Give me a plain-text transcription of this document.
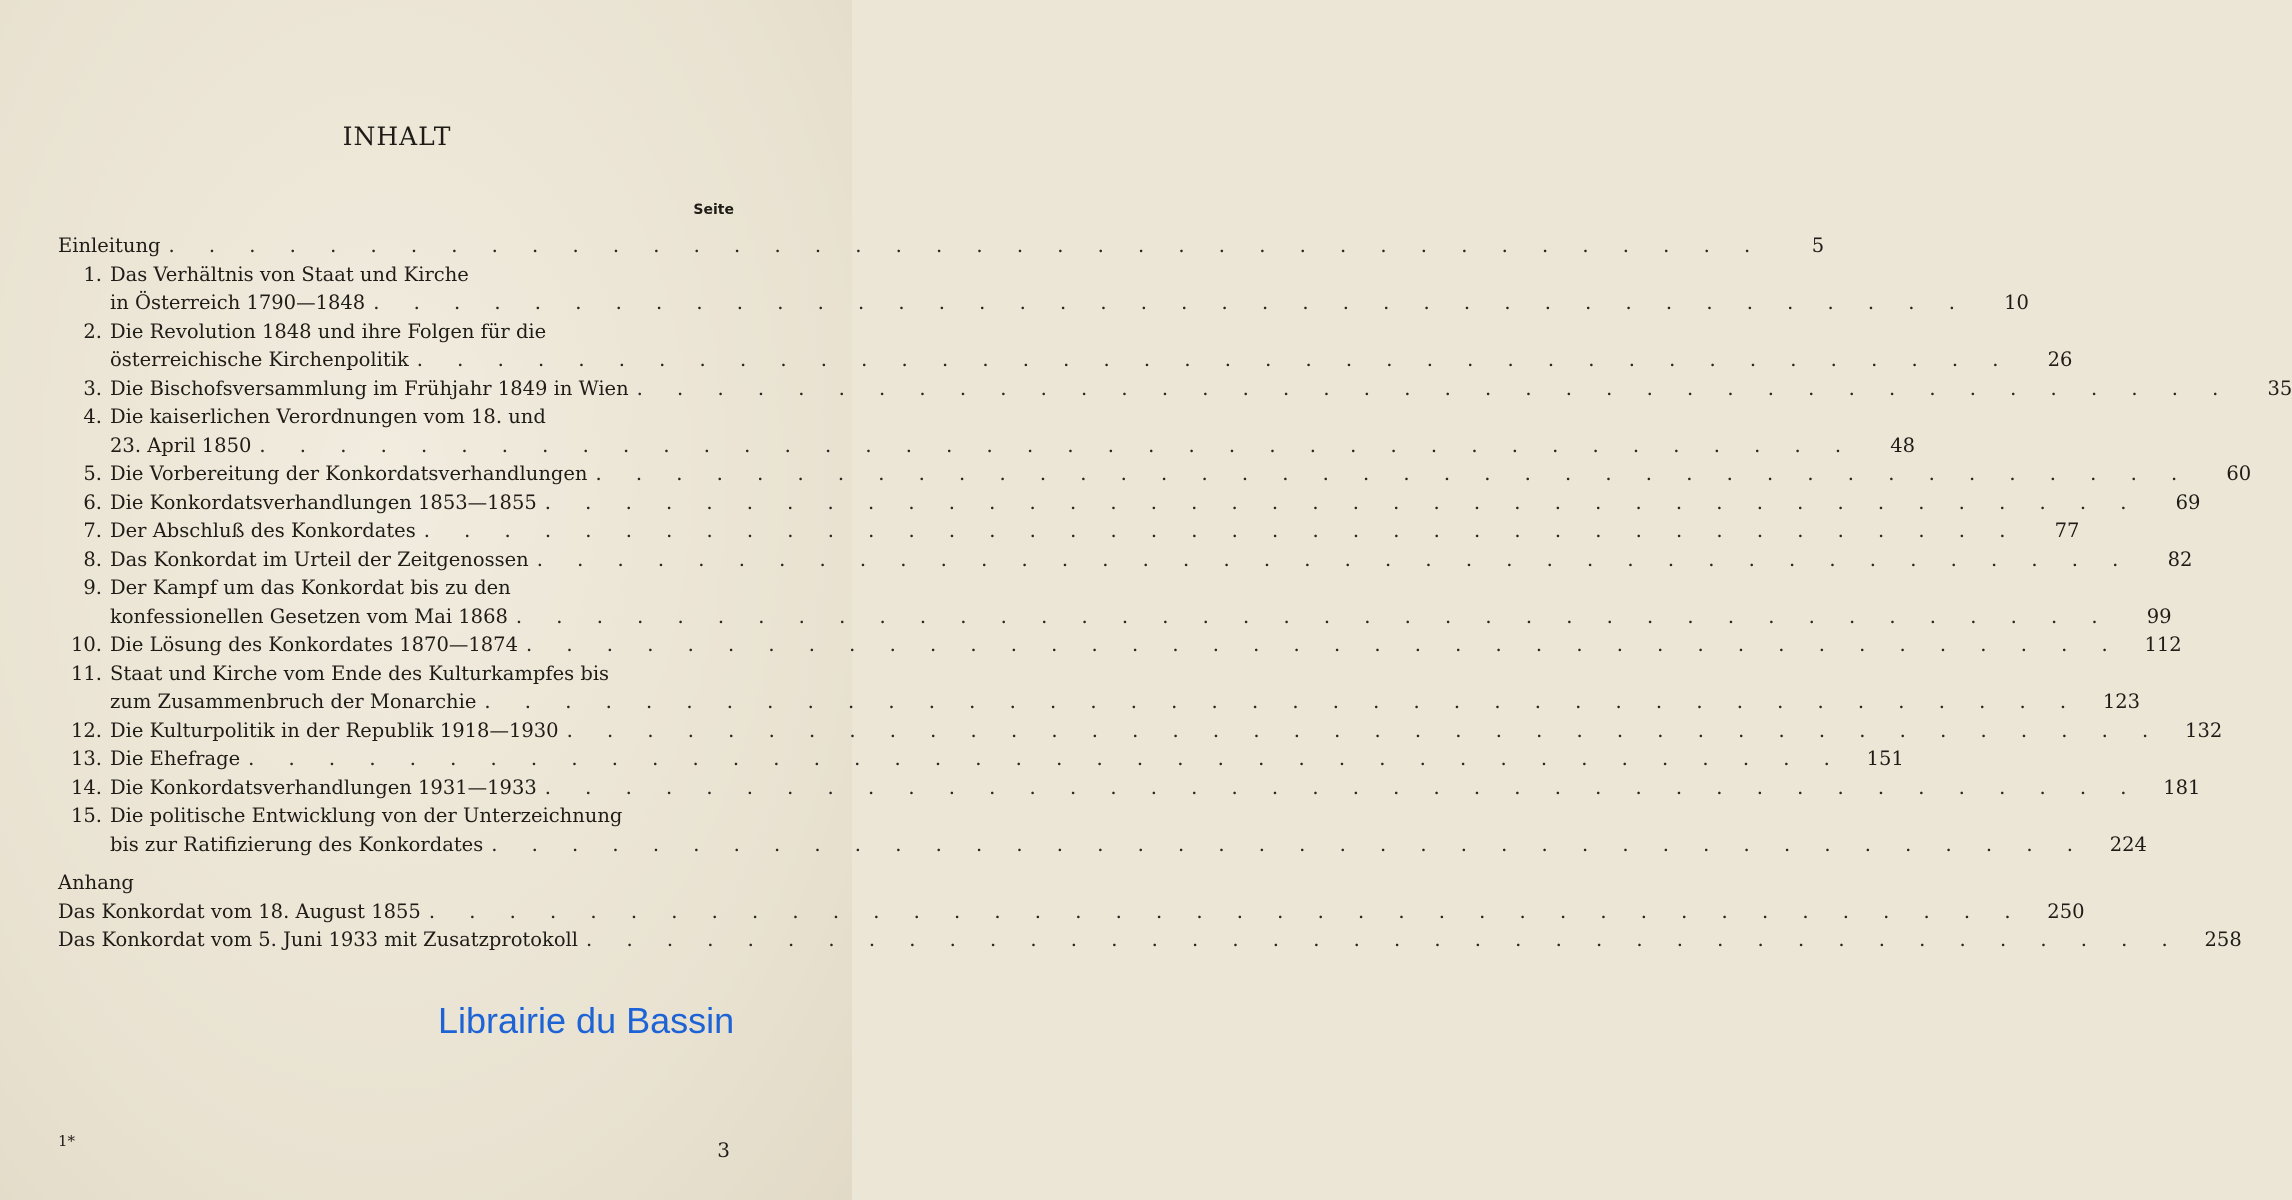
INHALT
Seite
Einleitung . . . . . . . . . . . . . . . . . . . . . . . . . . . . . . . . . . . . . . . .	5
1. Das Verhältnis von Staat und Kirche
in Österreich 1790—1848 . . . . . . . . . . . . . . . . . . . . . . . . . . . . . . . . . . . . . . . .	10
2. Die Revolution 1848 und ihre Folgen für die
österreichische Kirchenpolitik . . . . . . . . . . . . . . . . . . . . . . . . . . . . . . . . . . . . . . . .	26
3. Die Bischofsversammlung im Frühjahr 1849 in Wien . . . . . . . . . . . . . . . . . . . . . . . . . . . . . . . . . . . . . . . .	35
4. Die kaiserlichen Verordnungen vom 18. und
23. April 1850 . . . . . . . . . . . . . . . . . . . . . . . . . . . . . . . . . . . . . . . .	48
5. Die Vorbereitung der Konkordatsverhandlungen . . . . . . . . . . . . . . . . . . . . . . . . . . . . . . . . . . . . . . . .	60
6. Die Konkordatsverhandlungen 1853—1855 . . . . . . . . . . . . . . . . . . . . . . . . . . . . . . . . . . . . . . . .	69
7. Der Abschluß des Konkordates . . . . . . . . . . . . . . . . . . . . . . . . . . . . . . . . . . . . . . . .	77
8. Das Konkordat im Urteil der Zeitgenossen . . . . . . . . . . . . . . . . . . . . . . . . . . . . . . . . . . . . . . . .	82
9. Der Kampf um das Konkordat bis zu den
konfessionellen Gesetzen vom Mai 1868 . . . . . . . . . . . . . . . . . . . . . . . . . . . . . . . . . . . . . . . .	99
10. Die Lösung des Konkordates 1870—1874 . . . . . . . . . . . . . . . . . . . . . . . . . . . . . . . . . . . . . . . .	112
11. Staat und Kirche vom Ende des Kulturkampfes bis
zum Zusammenbruch der Monarchie . . . . . . . . . . . . . . . . . . . . . . . . . . . . . . . . . . . . . . . .	123
12. Die Kulturpolitik in der Republik 1918—1930 . . . . . . . . . . . . . . . . . . . . . . . . . . . . . . . . . . . . . . . .	132
13. Die Ehefrage . . . . . . . . . . . . . . . . . . . . . . . . . . . . . . . . . . . . . . . .	151
14. Die Konkordatsverhandlungen 1931—1933 . . . . . . . . . . . . . . . . . . . . . . . . . . . . . . . . . . . . . . . .	181
15. Die politische Entwicklung von der Unterzeichnung
bis zur Ratifizierung des Konkordates . . . . . . . . . . . . . . . . . . . . . . . . . . . . . . . . . . . . . . . .	224
Anhang
Das Konkordat vom 18. August 1855 . . . . . . . . . . . . . . . . . . . . . . . . . . . . . . . . . . . . . . . .	250
Das Konkordat vom 5. Juni 1933 mit Zusatzprotokoll . . . . . . . . . . . . . . . . . . . . . . . . . . . . . . . . . . . . . . . .	258
Librairie du Bassin
1*	3
